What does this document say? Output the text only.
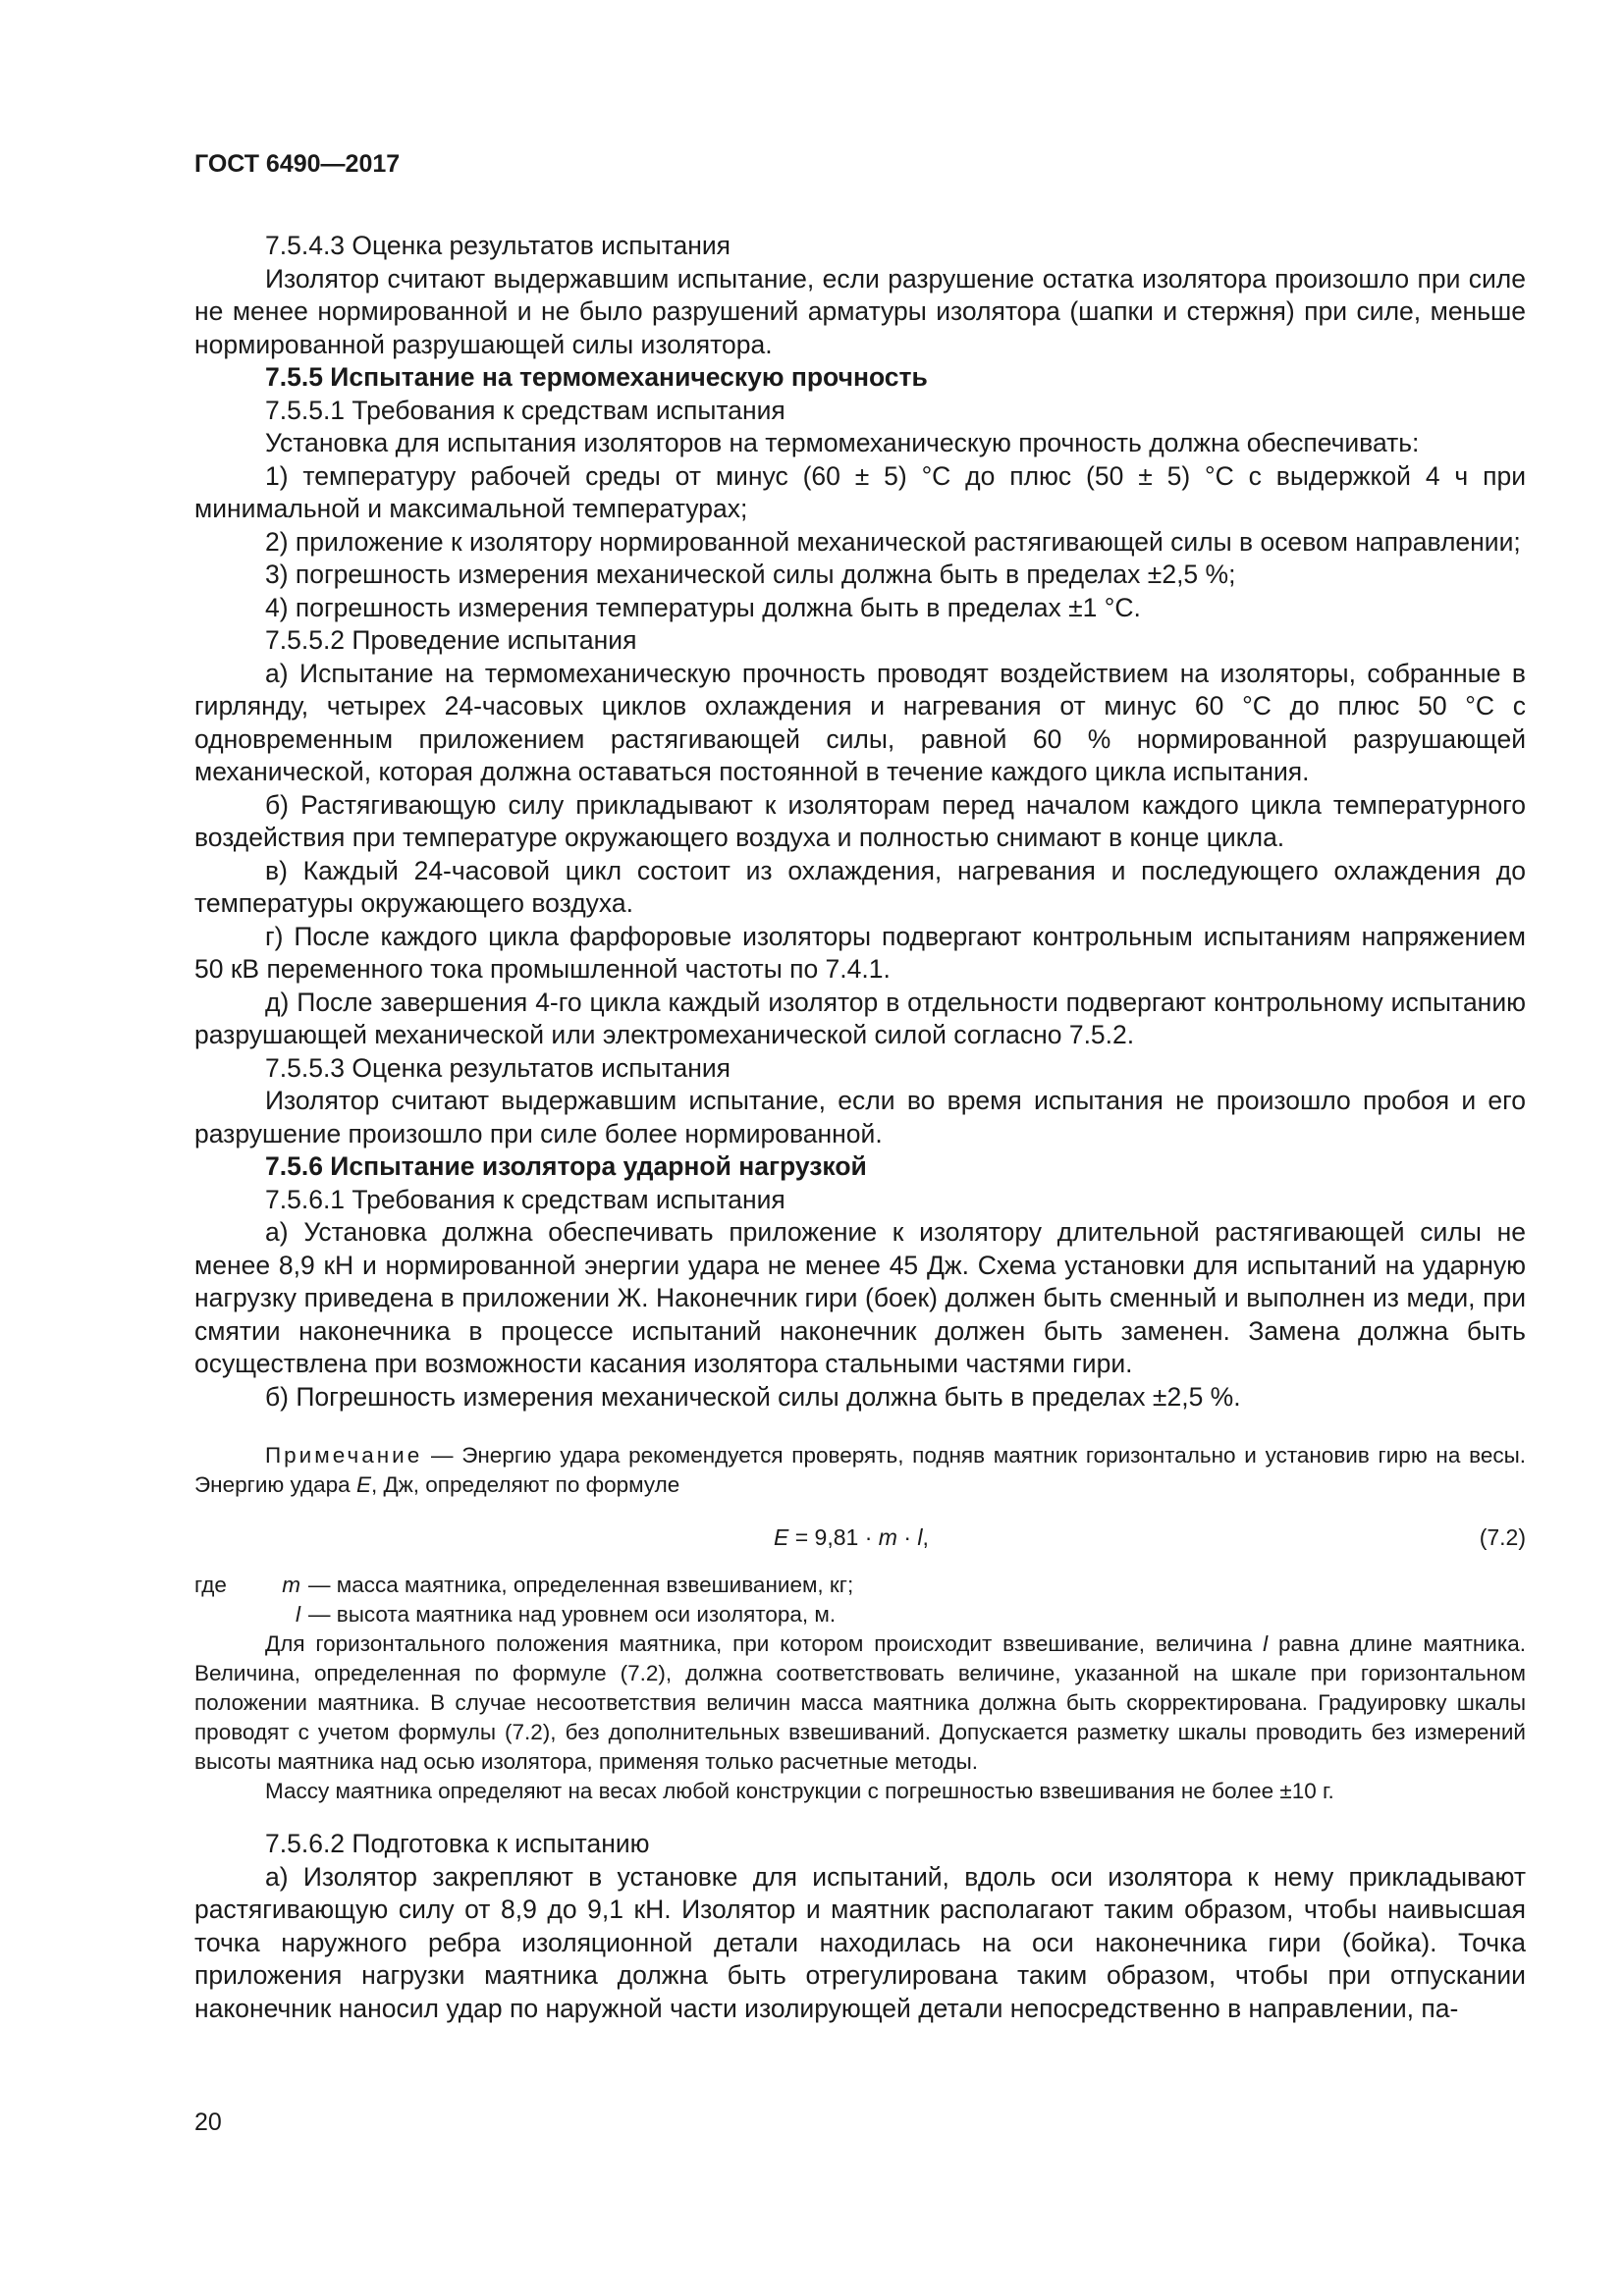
ГОСТ 6490—2017

7.5.4.3 Оценка результатов испытания

Изолятор считают выдержавшим испытание, если разрушение остатка изолятора произошло при силе не менее нормированной и не было разрушений арматуры изолятора (шапки и стержня) при силе, меньше нормированной разрушающей силы изолятора.

7.5.5 Испытание на термомеханическую прочность

7.5.5.1 Требования к средствам испытания

Установка для испытания изоляторов на термомеханическую прочность должна обеспечивать:

1) температуру рабочей среды от минус (60 ± 5) °С до плюс (50 ± 5) °С с выдержкой 4 ч при минимальной и максимальной температурах;

2) приложение к изолятору нормированной механической растягивающей силы в осевом направлении;

3) погрешность измерения механической силы должна быть в пределах ±2,5 %;

4) погрешность измерения температуры должна быть в пределах ±1 °С.

7.5.5.2 Проведение испытания

а) Испытание на термомеханическую прочность проводят воздействием на изоляторы, собранные в гирлянду, четырех 24-часовых циклов охлаждения и нагревания от минус 60 °С до плюс 50 °С с одновременным приложением растягивающей силы, равной 60 % нормированной разрушающей механической, которая должна оставаться постоянной в течение каждого цикла испытания.

б) Растягивающую силу прикладывают к изоляторам перед началом каждого цикла температурного воздействия при температуре окружающего воздуха и полностью снимают в конце цикла.

в) Каждый 24-часовой цикл состоит из охлаждения, нагревания и последующего охлаждения до температуры окружающего воздуха.

г) После каждого цикла фарфоровые изоляторы подвергают контрольным испытаниям напряжением 50 кВ переменного тока промышленной частоты по 7.4.1.

д) После завершения 4-го цикла каждый изолятор в отдельности подвергают контрольному испытанию разрушающей механической или электромеханической силой согласно 7.5.2.

7.5.5.3 Оценка результатов испытания

Изолятор считают выдержавшим испытание, если во время испытания не произошло пробоя и его разрушение произошло при силе более нормированной.

7.5.6 Испытание изолятора ударной нагрузкой

7.5.6.1 Требования к средствам испытания

а) Установка должна обеспечивать приложение к изолятору длительной растягивающей силы не менее 8,9 кН и нормированной энергии удара не менее 45 Дж. Схема установки для испытаний на ударную нагрузку приведена в приложении Ж. Наконечник гири (боек) должен быть сменный и выполнен из меди, при смятии наконечника в процессе испытаний наконечник должен быть заменен. Замена должна быть осуществлена при возможности касания изолятора стальными частями гири.

б) Погрешность измерения механической силы должна быть в пределах ±2,5 %.

Примечание — Энергию удара рекомендуется проверять, подняв маятник горизонтально и установив гирю на весы. Энергию удара Е, Дж, определяют по формуле

E = 9,81 · m · l,	(7.2)
где	m — масса маятника, определенная взвешиванием, кг;
l — высота маятника над уровнем оси изолятора, м.

Для горизонтального положения маятника, при котором происходит взвешивание, величина l равна длине маятника. Величина, определенная по формуле (7.2), должна соответствовать величине, указанной на шкале при горизонтальном положении маятника. В случае несоответствия величин масса маятника должна быть скорректирована. Градуировку шкалы проводят с учетом формулы (7.2), без дополнительных взвешиваний. Допускается разметку шкалы проводить без измерений высоты маятника над осью изолятора, применяя только расчетные методы.

Массу маятника определяют на весах любой конструкции с погрешностью взвешивания не более ±10 г.

7.5.6.2 Подготовка к испытанию

а) Изолятор закрепляют в установке для испытаний, вдоль оси изолятора к нему прикладывают растягивающую силу от 8,9 до 9,1 кН. Изолятор и маятник располагают таким образом, чтобы наивысшая точка наружного ребра изоляционной детали находилась на оси наконечника гири (бойка). Точка приложения нагрузки маятника должна быть отрегулирована таким образом, чтобы при отпускании наконечник наносил удар по наружной части изолирующей детали непосредственно в направлении, па-

20
